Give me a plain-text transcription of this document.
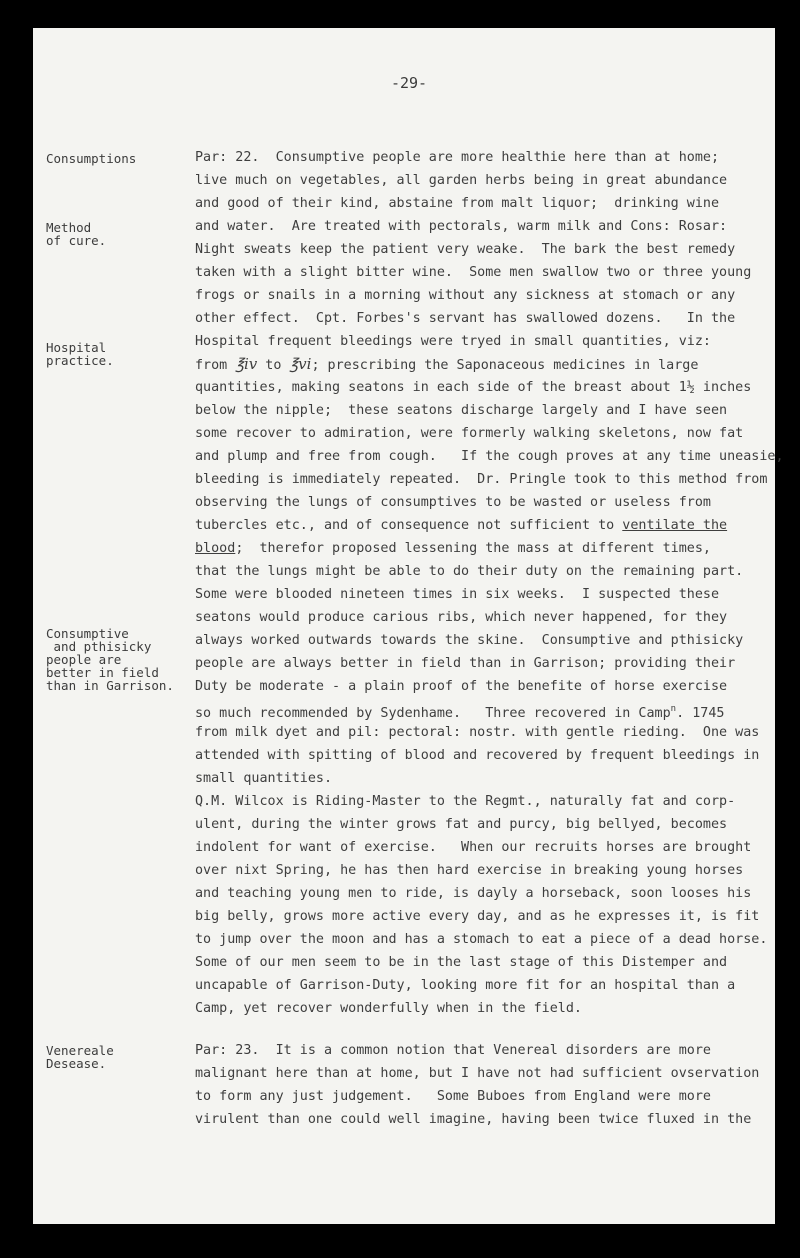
-29-
Consumptions
Method
of cure.
Hospital
practice.
Consumptive
and pthisicky
people are
better in field
than in Garrison.
Venereale
Desease.
Par: 22.  Consumptive people are more healthie here than at home;
live much on vegetables, all garden herbs being in great abundance
and good of their kind, abstaine from malt liquor;  drinking wine
and water.  Are treated with pectorals, warm milk and Cons: Rosar:
Night sweats keep the patient very weake.  The bark the best remedy
taken with a slight bitter wine.  Some men swallow two or three young
frogs or snails in a morning without any sickness at stomach or any
other effect.  Cpt. Forbes's servant has swallowed dozens.   In the
Hospital frequent bleedings were tryed in small quantities, viz:
from ℥iv to ℥vi; prescribing the Saponaceous medicines in large
quantities, making seatons in each side of the breast about 1½ inches
below the nipple;  these seatons discharge largely and I have seen
some recover to admiration, were formerly walking skeletons, now fat
and plump and free from cough.   If the cough proves at any time uneasie,
bleeding is immediately repeated.  Dr. Pringle took to this method from
observing the lungs of consumptives to be wasted or useless from
tubercles etc., and of consequence not sufficient to ventilate the
blood;  therefor proposed lessening the mass at different times,
that the lungs might be able to do their duty on the remaining part.
Some were blooded nineteen times in six weeks.  I suspected these
seatons would produce carious ribs, which never happened, for they
always worked outwards towards the skine.  Consumptive and pthisicky
people are always better in field than in Garrison; providing their
Duty be moderate - a plain proof of the benefite of horse exercise
so much recommended by Sydenhame.   Three recovered in Camp$^n$. 1745
from milk dyet and pil: pectoral: nostr. with gentle rieding.  One was
attended with spitting of blood and recovered by frequent bleedings in
small quantities.
Q.M. Wilcox is Riding-Master to the Regmt., naturally fat and corp-
ulent, during the winter grows fat and purcy, big bellyed, becomes
indolent for want of exercise.   When our recruits horses are brought
over nixt Spring, he has then hard exercise in breaking young horses
and teaching young men to ride, is dayly a horseback, soon looses his
big belly, grows more active every day, and as he expresses it, is fit
to jump over the moon and has a stomach to eat a piece of a dead horse.
Some of our men seem to be in the last stage of this Distemper and
uncapable of Garrison-Duty, looking more fit for an hospital than a
Camp, yet recover wonderfully when in the field.
Par: 23.  It is a common notion that Venereal disorders are more
malignant here than at home, but I have not had sufficient ovservation
to form any just judgement.   Some Buboes from England were more
virulent than one could well imagine, having been twice fluxed in the
